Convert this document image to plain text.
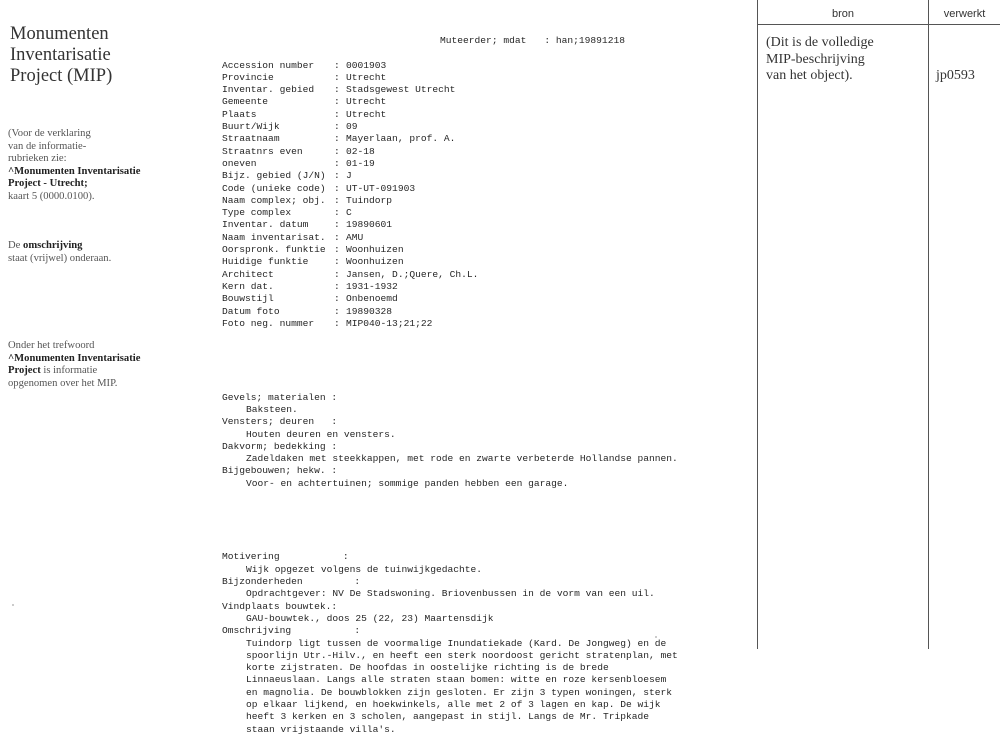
Monumenten
Inventarisatie
Project (MIP)
(Voor de verklaring
van de informatie-
rubrieken zie:
^Monumenten Inventarisatie
Project - Utrecht;
kaart 5 (0000.0100).
De omschrijving
staat (vrijwel) onderaan.
Onder het trefwoord
^Monumenten Inventarisatie
Project is informatie
opgenomen over het MIP.

Accession number	: 0001903
Provincie	: Utrecht
Inventar. gebied	: Stadsgewest Utrecht
Gemeente	: Utrecht
Plaats	: Utrecht
Buurt/Wijk	: 09
Straatnaam	: Mayerlaan, prof. A.
Straatnrs even	: 02-18
oneven	: 01-19
Bijz. gebied (J/N) : J
Code (unieke code) : UT-UT-091903
Naam complex; obj. : Tuindorp
Type complex	: C
Inventar. datum	: 19890601
Naam inventarisat. : AMU
Oorspronk. funktie : Woonhuizen
Huidige funktie	: Woonhuizen
Architect	: Jansen, D.;Quere, Ch.L.
Kern dat.	: 1931-1932
Bouwstijl	: Onbenoemd
Datum foto	: 19890328
Foto neg. nummer	: MIP040-13;21;22

Gevels; materialen :
Baksteen.
Vensters; deuren   :
Houten deuren en vensters.
Dakvorm; bedekking :
Zadeldaken met steekkappen, met rode en zwarte verbeterde Hollandse pannen.
Bijgebouwen; hekw. :
Voor- en achtertuinen; sommige panden hebben een garage.

Motivering           :
Wijk opgezet volgens de tuinwijkgedachte.
Bijzonderheden         :
Opdrachtgever: NV De Stadswoning. Briovenbussen in de vorm van een uil.
Vindplaats bouwtek.:
GAU-bouwtek., doos 25 (22, 23) Maartensdijk
Omschrijving           :
Tuindorp ligt tussen de voormalige Inundatiekade (Kard. De Jongweg) en de
spoorlijn Utr.-Hilv., en heeft een sterk noordoost gericht stratenplan, met
korte zijstraten. De hoofdas in oostelijke richting is de brede
Linnaeuslaan. Langs alle straten staan bomen: witte en roze kersenbloesem
en magnolia. De bouwblokken zijn gesloten. Er zijn 3 typen woningen, sterk
op elkaar lijkend, en hoekwinkels, alle met 2 of 3 lagen en kap. De wijk
heeft 3 kerken en 3 scholen, aangepast in stijl. Langs de Mr. Tripkade
staan vrijstaande villa's.

Muteerder; mdat : han;19891218
bron	verwerkt
(Dit is de volledige
MIP-beschrijving
van het object).	jp0593
